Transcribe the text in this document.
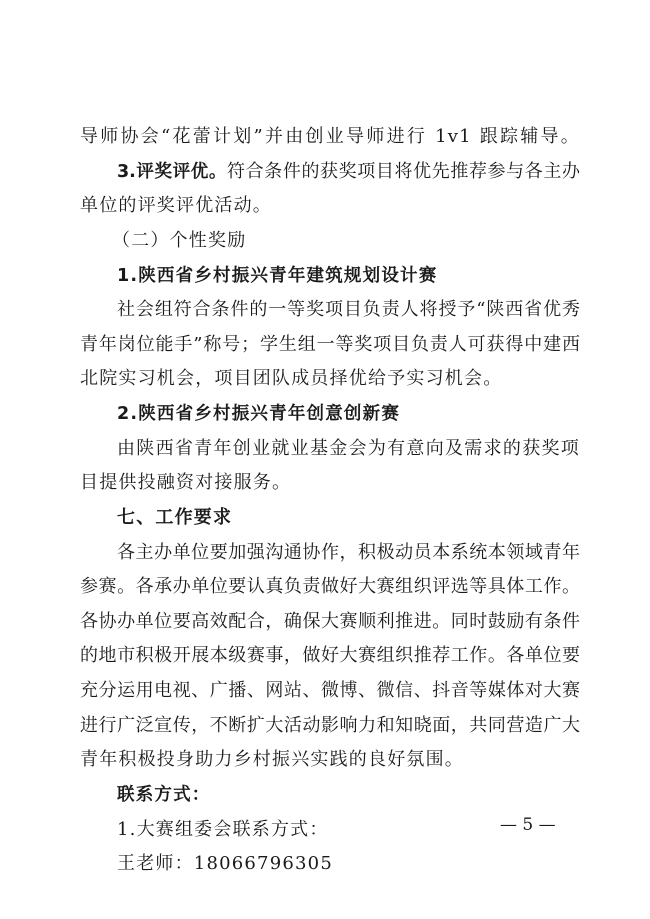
导师协会“花蕾计划”并由创业导师进行 1v1 跟踪辅导。
3.评奖评优。符合条件的获奖项目将优先推荐参与各主办
单位的评奖评优活动。
（二）个性奖励
1.陕西省乡村振兴青年建筑规划设计赛
社会组符合条件的一等奖项目负责人将授予“陕西省优秀
青年岗位能手”称号；学生组一等奖项目负责人可获得中建西
北院实习机会，项目团队成员择优给予实习机会。
2.陕西省乡村振兴青年创意创新赛
由陕西省青年创业就业基金会为有意向及需求的获奖项
目提供投融资对接服务。
七、工作要求
各主办单位要加强沟通协作，积极动员本系统本领域青年
参赛。各承办单位要认真负责做好大赛组织评选等具体工作。
各协办单位要高效配合，确保大赛顺利推进。同时鼓励有条件
的地市积极开展本级赛事，做好大赛组织推荐工作。各单位要
充分运用电视、广播、网站、微博、微信、抖音等媒体对大赛
进行广泛宣传，不断扩大活动影响力和知晓面，共同营造广大
青年积极投身助力乡村振兴实践的良好氛围。
联系方式：
1.大赛组委会联系方式：
王老师：18066796305
— 5 —
